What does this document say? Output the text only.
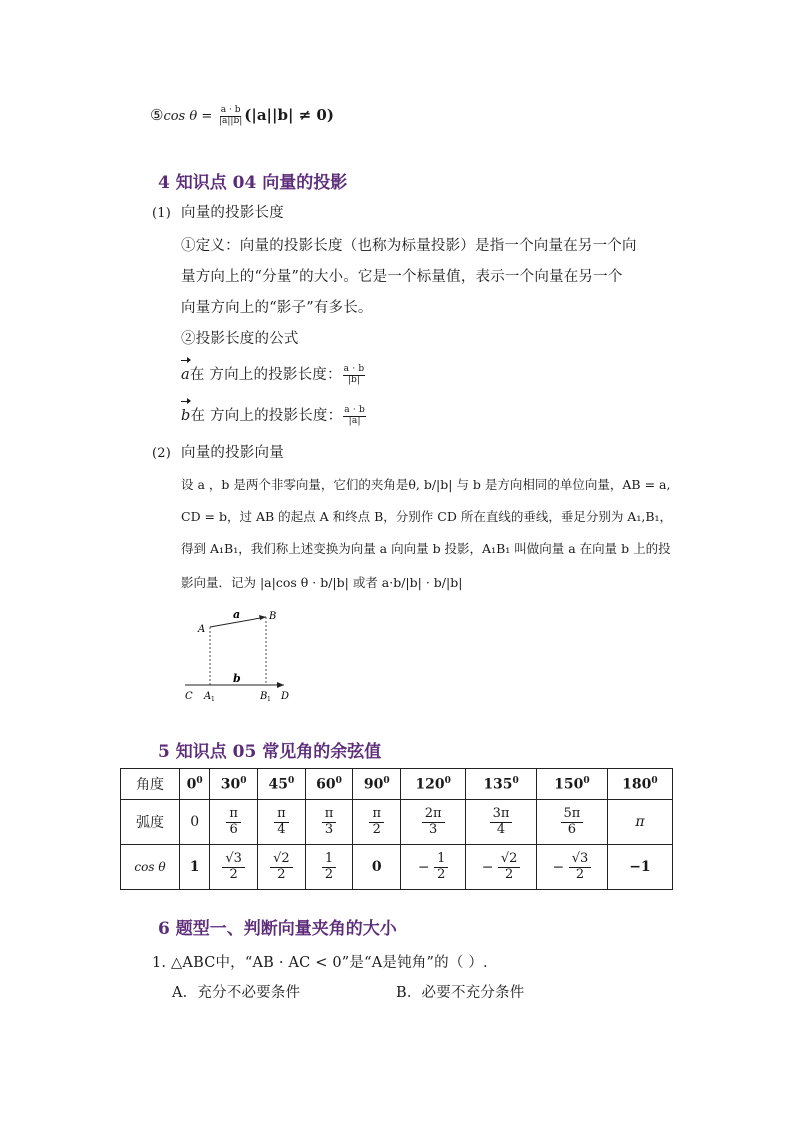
⑤cos $\theta = \frac{a \cdot b}{|a||b|} (|a||b| \ne 0)$
4 知识点 04 向量的投影
(1) 向量的投影长度
①定义：向量的投影长度（也称为标量投影）是指一个向量在另一个向
量方向上的“分量”的大小。它是一个标量值，表示一个向量在另一个
向量方向上的“影子”有多长。
②投影长度的公式
a在 方向上的投影长度： $\frac{a \cdot b}{|b|}$
b在 方向上的投影长度： $\frac{a \cdot b}{|a|}$
(2) 向量的投影向量
设 a ，b 是两个非零向量，它们的夹角是θ, b/|b| 与 b 是方向相同的单位向量，AB = a,
CD = b，过 AB 的起点 A 和终点 B，分别作 CD 所在直线的垂线，垂足分别为 A₁,B₁，
得到 A₁B₁，我们称上述变换为向量 a 向向量 b 投影，A₁B₁ 叫做向量 a 在向量 b 上的投
影向量．记为 |a|cos θ · b/|b| 或者 a·b/|b| · b/|b|
A
B
a
b
C A 1	B 1 D
5 知识点 05 常见角的余弦值
角度	$0^0$	$30^0$	$45^0$	$60^0$	$90^0$	$120^0$	$135^0$	$150^0$	$180^0$
弧度	0	$\frac{\pi}{6}$	$\frac{\pi}{4}$	$\frac{\pi}{3}$	$\frac{\pi}{2}$	$\frac{2\pi}{3}$	$\frac{3\pi}{4}$	$\frac{5\pi}{6}$	π
cos θ	1	$\frac{√3}{2}$	$\frac{√2}{2}$	$\frac{1}{2}$	0	− $\frac{1}{2}$	− $\frac{√2}{2}$	− $\frac{√3}{2}$	−1
6 题型一、判断向量夹角的大小
1. △ABC中，“AB · AC < 0”是“A是钝角”的（ ）.
A．充分不必要条件	B．必要不充分条件
